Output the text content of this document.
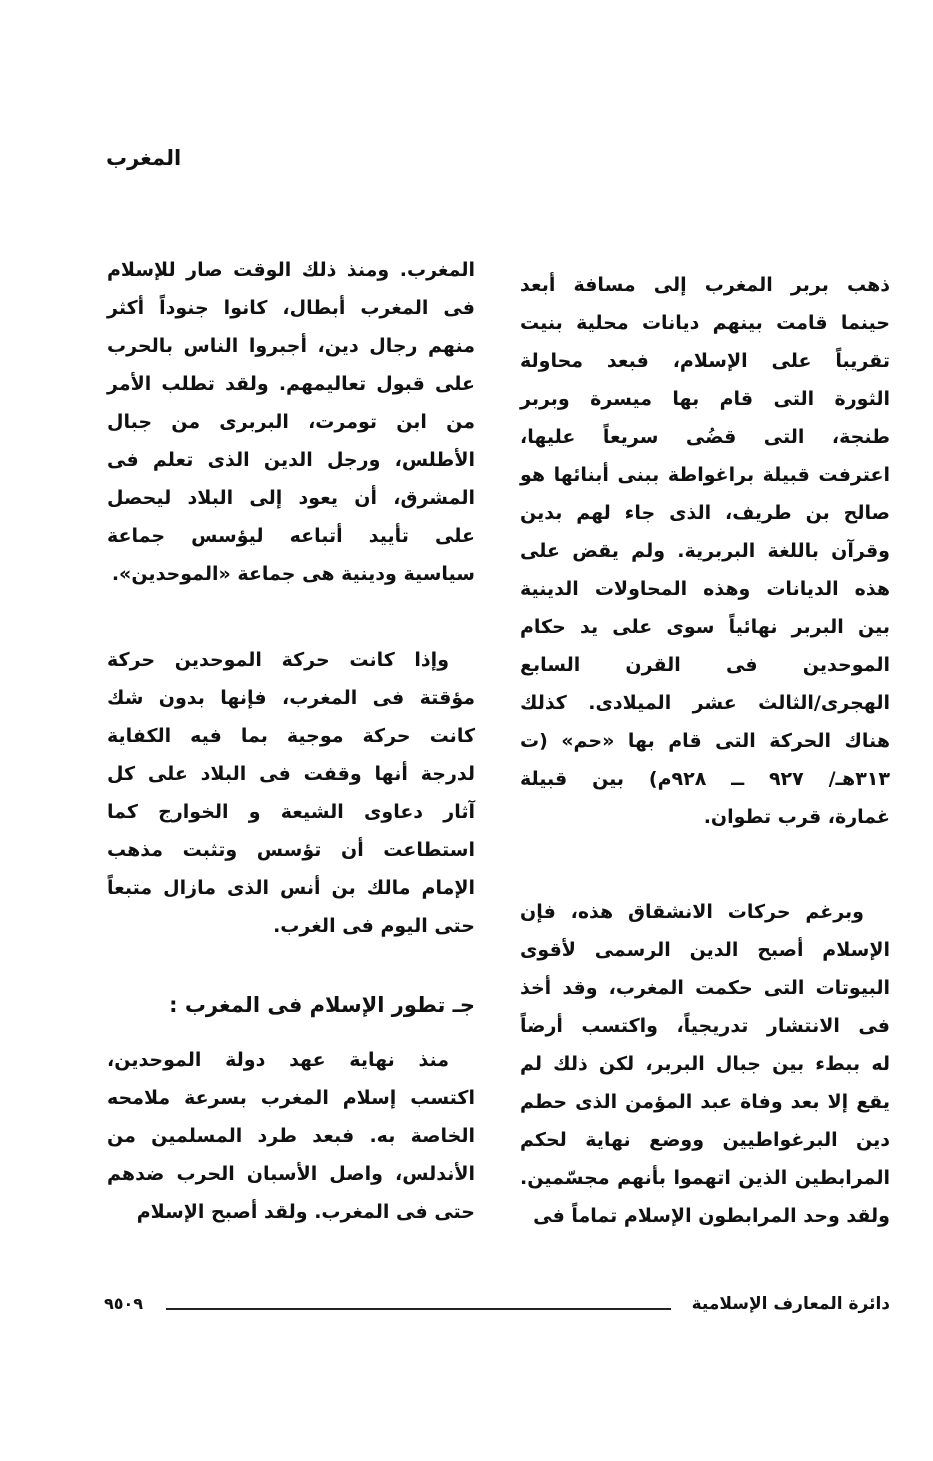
المغرب
ذهب بربر المغرب إلى مسافة أبعد
حينما قامت بينهم ديانات محلية بنيت
تقريباً على الإسلام، فبعد محاولة
الثورة التى قام بها ميسرة وبربر
طنجة، التى قضُى سريعاً عليها،
اعترفت قبيلة براغواطة ببنى أبنائها هو
صالح بن طريف، الذى جاء لهم بدين
وقرآن باللغة البربرية. ولم يقض على
هذه الديانات وهذه المحاولات الدينية
بين البربر نهائياً سوى على يد حكام
الموحدين فى القرن السابع
الهجرى/الثالث عشر الميلادى. كذلك
هناك الحركة التى قام بها «حم» (ت
٣١٣هـ/ ٩٢٧ ــ ٩٢٨م) بين قبيلة
غمارة، قرب تطوان.
وبرغم حركات الانشقاق هذه، فإن
الإسلام أصبح الدين الرسمى لأقوى
البيوتات التى حكمت المغرب، وقد أخذ
فى الانتشار تدريجياً، واكتسب أرضاً
له ببطء بين جبال البربر، لكن ذلك لم
يقع إلا بعد وفاة عبد المؤمن الذى حطم
دين البرغواطيين ووضع نهاية لحكم
المرابطين الذين اتهموا بأنهم مجسّمين.
ولقد وحد المرابطون الإسلام تماماً فى
المغرب. ومنذ ذلك الوقت صار للإسلام
فى المغرب أبطال، كانوا جنوداً أكثر
منهم رجال دين، أجبروا الناس بالحرب
على قبول تعاليمهم. ولقد تطلب الأمر
من ابن تومرت، البربرى من جبال
الأطلس، ورجل الدين الذى تعلم فى
المشرق، أن يعود إلى البلاد ليحصل
على تأييد أتباعه ليؤسس جماعة
سياسية ودينية هى جماعة «الموحدين».
وإذا كانت حركة الموحدين حركة
مؤقتة فى المغرب، فإنها بدون شك
كانت حركة موجية بما فيه الكفاية
لدرجة أنها وقفت فى البلاد على كل
آثار دعاوى الشيعة و الخوارج كما
استطاعت أن تؤسس وتثبت مذهب
الإمام مالك بن أنس الذى مازال متبعاً
حتى اليوم فى الغرب.
جـ تطور الإسلام فى المغرب :
منذ نهاية عهد دولة الموحدين،
اكتسب إسلام المغرب بسرعة ملامحه
الخاصة به. فبعد طرد المسلمين من
الأندلس، واصل الأسبان الحرب ضدهم
حتى فى المغرب. ولقد أصبح الإسلام
دائرة المعارف الإسلامية
٩٥٠٩
